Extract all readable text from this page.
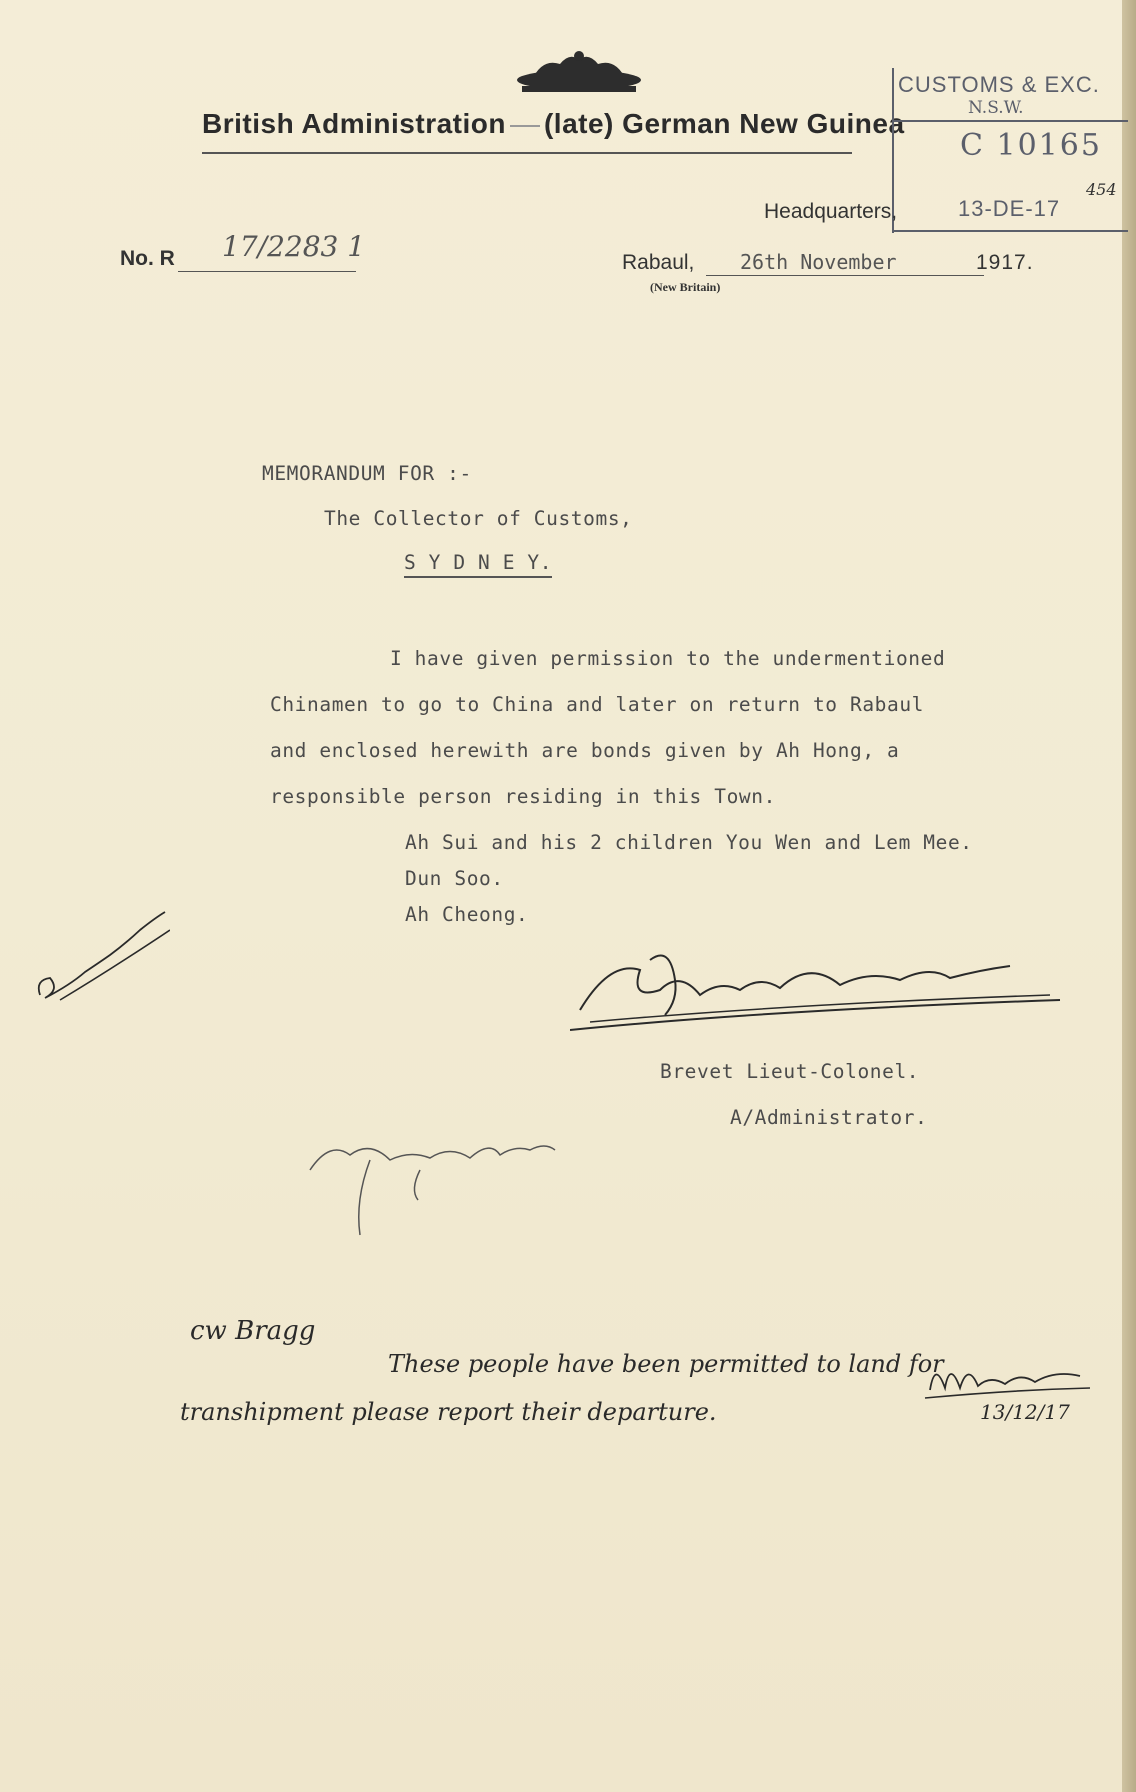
British Administration (late) German New Guinea
CUSTOMS & EXC.
N.S.W.
C 10165
13-DE-17
454
Headquarters,
No. R 17/2283 1	Rabaul,
(New Britain)
26th November	1917.
MEMORANDUM FOR :-
The Collector of Customs,
S Y D N E Y.
I have given permission to the undermentioned
Chinamen to go to China and later on return to Rabaul
and enclosed herewith are bonds given by Ah Hong, a
responsible person residing in this Town.
Ah Sui and his 2 children You Wen and Lem Mee.
Dun Soo.
Ah Cheong.
Brevet Lieut-Colonel.
A/Administrator.
cw Bragg
These people have been permitted to land for
transhipment please report their departure.	13/12/17
